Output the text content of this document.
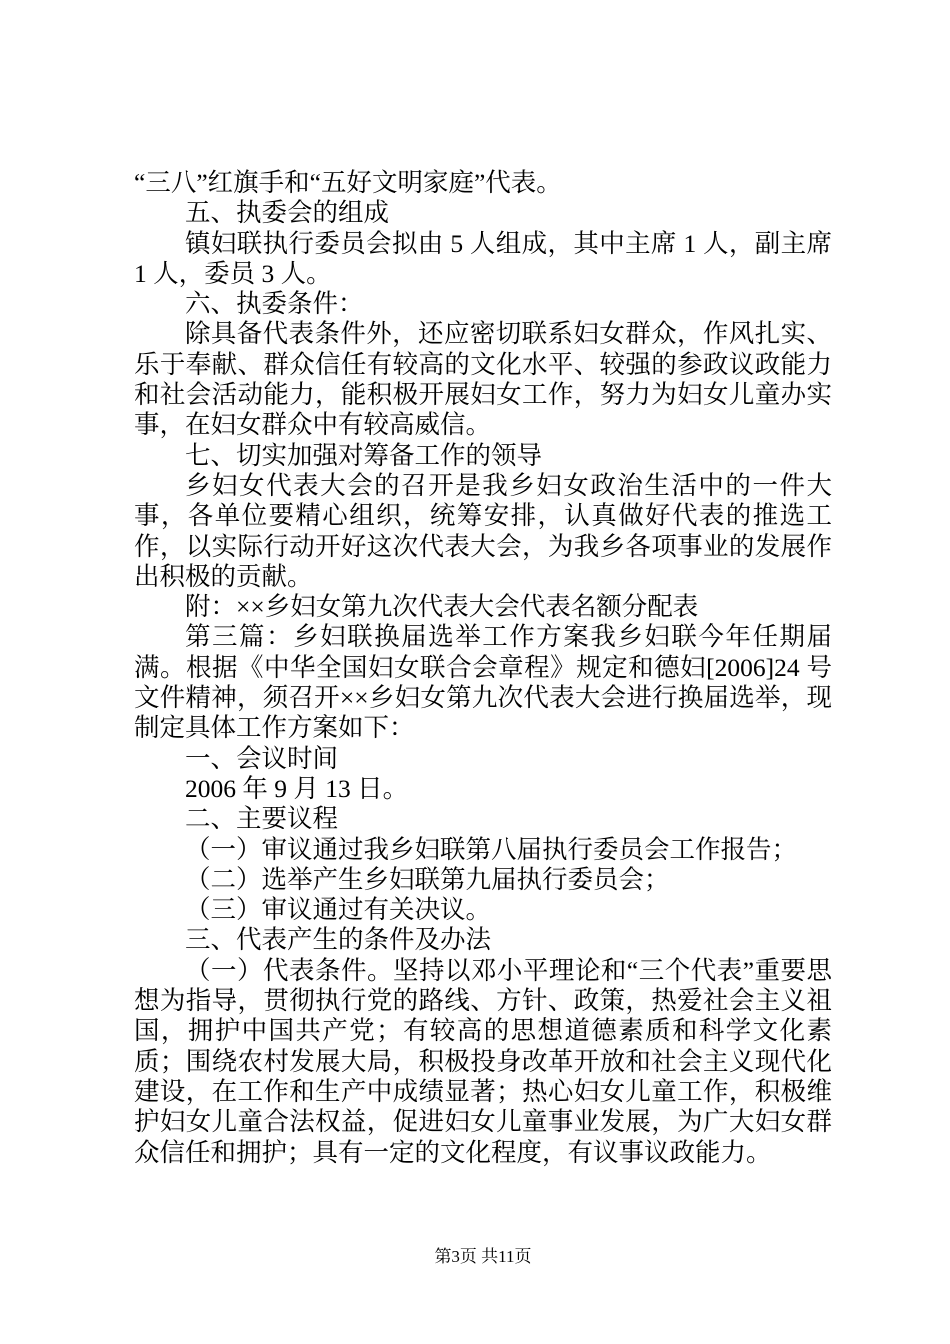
“三八”红旗手和“五好文明家庭”代表。

五、执委会的组成

镇妇联执行委员会拟由 5 人组成，其中主席 1 人，副主席 1 人，委员 3 人。

六、执委条件：

除具备代表条件外，还应密切联系妇女群众，作风扎实、乐于奉献、群众信任有较高的文化水平、较强的参政议政能力和社会活动能力，能积极开展妇女工作，努力为妇女儿童办实事，在妇女群众中有较高威信。

七、切实加强对筹备工作的领导

乡妇女代表大会的召开是我乡妇女政治生活中的一件大事，各单位要精心组织，统筹安排，认真做好代表的推选工作，以实际行动开好这次代表大会，为我乡各项事业的发展作出积极的贡献。

附：××乡妇女第九次代表大会代表名额分配表

第三篇：乡妇联换届选举工作方案我乡妇联今年任期届满。根据《中华全国妇女联合会章程》规定和德妇[2006]24 号文件精神，须召开××乡妇女第九次代表大会进行换届选举，现制定具体工作方案如下：

一、会议时间

2006 年 9 月 13 日。

二、主要议程

（一）审议通过我乡妇联第八届执行委员会工作报告；

（二）选举产生乡妇联第九届执行委员会；

（三）审议通过有关决议。

三、代表产生的条件及办法

（一）代表条件。坚持以邓小平理论和“三个代表”重要思想为指导，贯彻执行党的路线、方针、政策，热爱社会主义祖国，拥护中国共产党；有较高的思想道德素质和科学文化素质；围绕农村发展大局，积极投身改革开放和社会主义现代化建设，在工作和生产中成绩显著；热心妇女儿童工作，积极维护妇女儿童合法权益，促进妇女儿童事业发展，为广大妇女群众信任和拥护；具有一定的文化程度，有议事议政能力。

第3页 共11页
